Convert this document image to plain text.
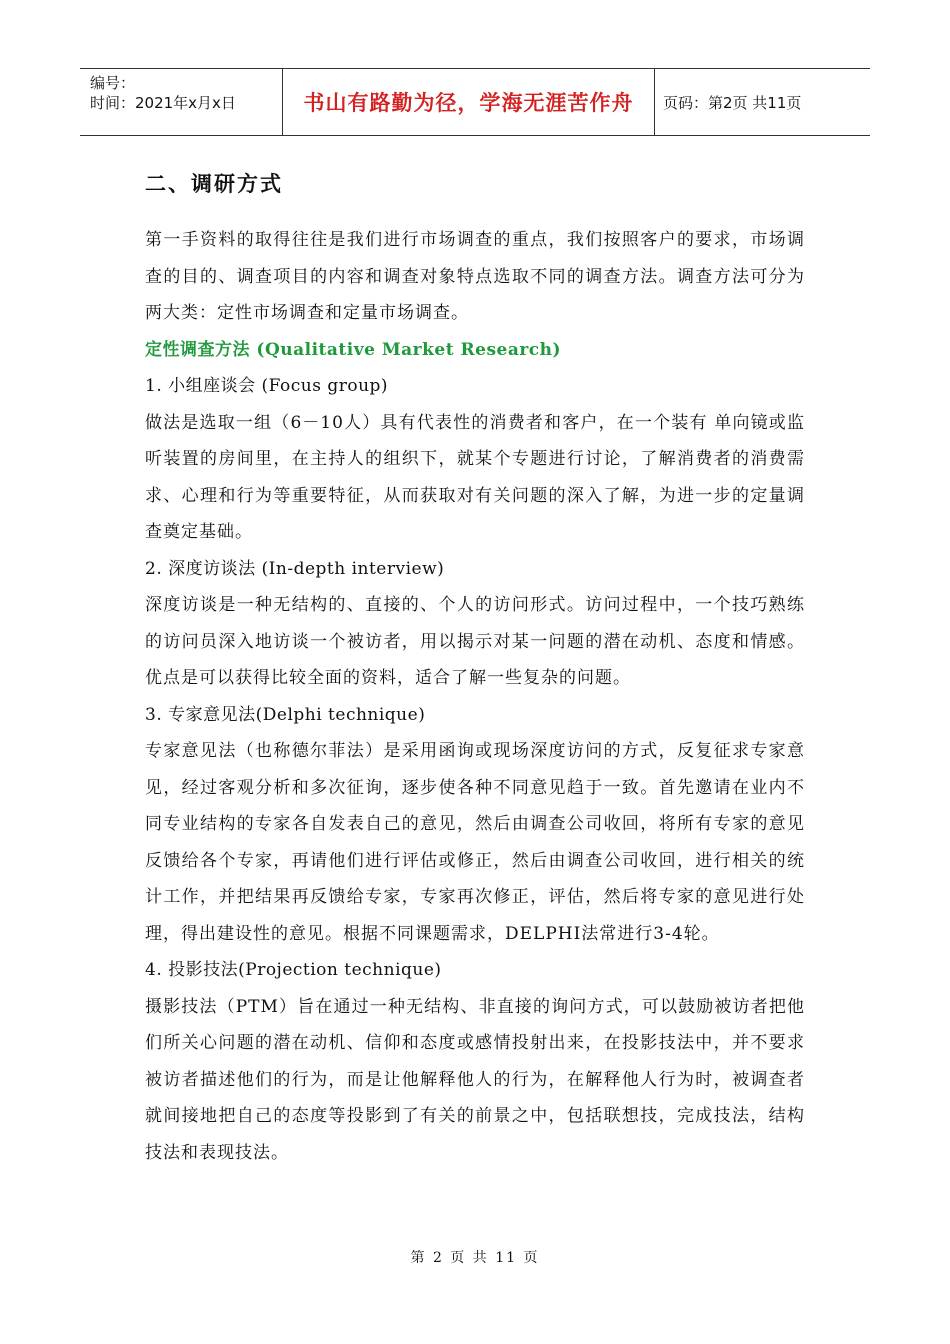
编号：
时间：2021年x月x日	书山有路勤为径，学海无涯苦作舟 页码：第2页 共11页
二、调研方式

第一手资料的取得往往是我们进行市场调查的重点，我们按照客户的要求，市场调查的目的、调查项目的内容和调查对象特点选取不同的调查方法。调查方法可分为两大类：定性市场调查和定量市场调查。

定性调查方法 (Qualitative Market Research)

1. 小组座谈会 (Focus group)

做法是选取一组（6－10人）具有代表性的消费者和客户，在一个装有 单向镜或监听装置的房间里，在主持人的组织下，就某个专题进行讨论，了解消费者的消费需求、心理和行为等重要特征，从而获取对有关问题的深入了解，为进一步的定量调查奠定基础。

2. 深度访谈法 (In-depth interview)

深度访谈是一种无结构的、直接的、个人的访问形式。访问过程中，一个技巧熟练的访问员深入地访谈一个被访者，用以揭示对某一问题的潜在动机、态度和情感。优点是可以获得比较全面的资料，适合了解一些复杂的问题。

3. 专家意见法(Delphi technique)

专家意见法（也称德尔菲法）是采用函询或现场深度访问的方式，反复征求专家意见，经过客观分析和多次征询，逐步使各种不同意见趋于一致。首先邀请在业内不同专业结构的专家各自发表自己的意见，然后由调查公司收回，将所有专家的意见反馈给各个专家，再请他们进行评估或修正，然后由调查公司收回，进行相关的统计工作，并把结果再反馈给专家，专家再次修正，评估，然后将专家的意见进行处理，得出建设性的意见。根据不同课题需求，DELPHI法常进行3-4轮。

4. 投影技法(Projection technique)

摄影技法（PTM）旨在通过一种无结构、非直接的询问方式，可以鼓励被访者把他们所关心问题的潜在动机、信仰和态度或感情投射出来，在投影技法中，并不要求被访者描述他们的行为，而是让他解释他人的行为，在解释他人行为时，被调查者就间接地把自己的态度等投影到了有关的前景之中，包括联想技，完成技法，结构技法和表现技法。

第 2 页 共 11 页
